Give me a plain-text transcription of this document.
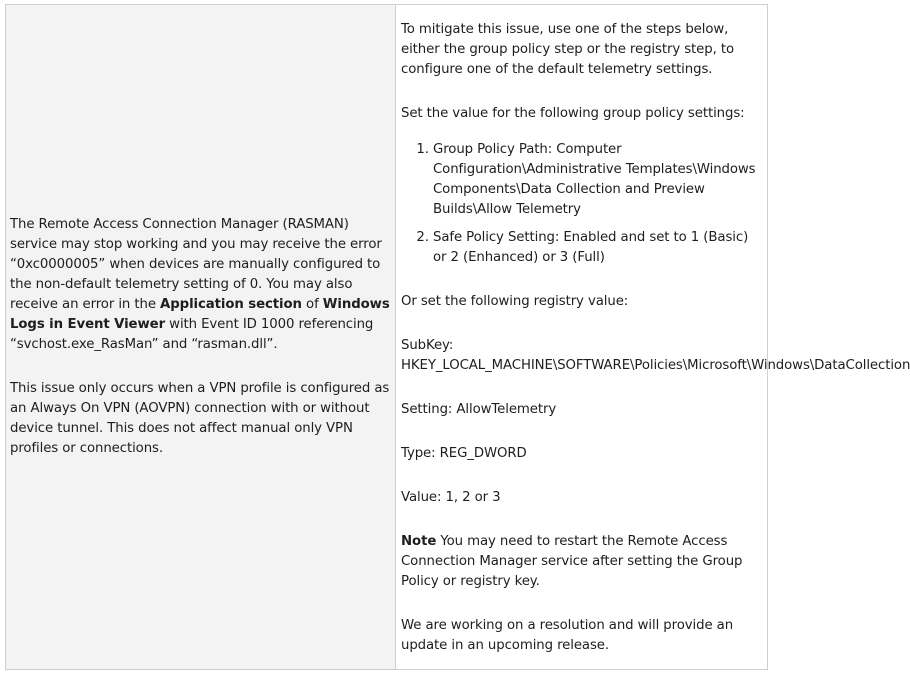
The Remote Access Connection Manager (RASMAN) service may stop working and you may receive the error “0xc0000005” when devices are manually configured to the non-default telemetry setting of 0. You may also receive an error in the Application section of Windows Logs in Event Viewer with Event ID 1000 referencing “svchost.exe_RasMan” and “rasman.dll”.

This issue only occurs when a VPN profile is configured as an Always On VPN (AOVPN) connection with or without device tunnel. This does not affect manual only VPN profiles or connections.

To mitigate this issue, use one of the steps below, either the group policy step or the registry step, to configure one of the default telemetry settings.

Set the value for the following group policy settings:

1. Group Policy Path: Computer Configuration\Administrative Templates\Windows Components\Data Collection and Preview Builds\Allow Telemetry
2. Safe Policy Setting: Enabled and set to 1 (Basic) or 2 (Enhanced) or 3 (Full)

Or set the following registry value:

SubKey:
HKEY_LOCAL_MACHINE\SOFTWARE\Policies\Microsoft\Windows\DataCollection

Setting: AllowTelemetry

Type: REG_DWORD

Value: 1, 2 or 3

Note You may need to restart the Remote Access Connection Manager service after setting the Group Policy or registry key.

We are working on a resolution and will provide an update in an upcoming release.
